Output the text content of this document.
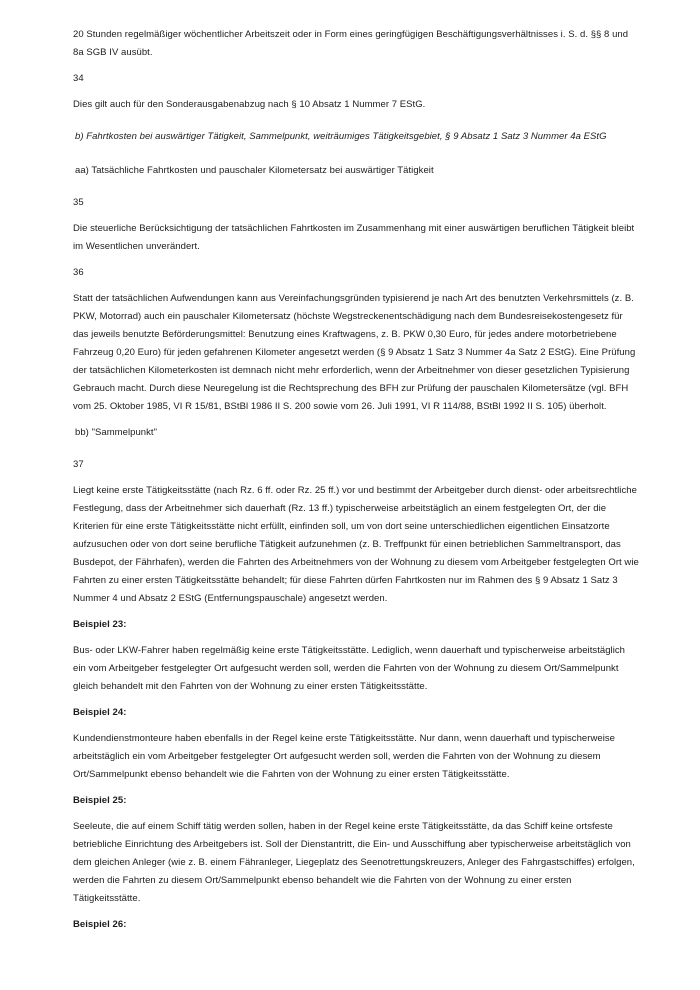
20 Stunden regelmäßiger wöchentlicher Arbeitszeit oder in Form eines geringfügigen Beschäftigungsverhältnisses i. S. d. §§ 8 und 8a SGB IV ausübt.

34

Dies gilt auch für den Sonderausgabenabzug nach § 10 Absatz 1 Nummer 7 EStG.

b) Fahrtkosten bei auswärtiger Tätigkeit, Sammelpunkt, weiträumiges Tätigkeitsgebiet, § 9 Absatz 1 Satz 3 Nummer 4a EStG

aa) Tatsächliche Fahrtkosten und pauschaler Kilometersatz bei auswärtiger Tätigkeit

35

Die steuerliche Berücksichtigung der tatsächlichen Fahrtkosten im Zusammenhang mit einer auswärtigen beruflichen Tätigkeit bleibt im Wesentlichen unverändert.

36

Statt der tatsächlichen Aufwendungen kann aus Vereinfachungsgründen typisierend je nach Art des benutzten Verkehrsmittels (z. B. PKW, Motorrad) auch ein pauschaler Kilometersatz (höchste Wegstreckenentschädigung nach dem Bundesreisekostengesetz für das jeweils benutzte Beförderungsmittel: Benutzung eines Kraftwagens, z. B. PKW 0,30 Euro, für jedes andere motorbetriebene Fahrzeug 0,20 Euro) für jeden gefahrenen Kilometer angesetzt werden (§ 9 Absatz 1 Satz 3 Nummer 4a Satz 2 EStG). Eine Prüfung der tatsächlichen Kilometerkosten ist demnach nicht mehr erforderlich, wenn der Arbeitnehmer von dieser gesetzlichen Typisierung Gebrauch macht. Durch diese Neuregelung ist die Rechtsprechung des BFH zur Prüfung der pauschalen Kilometersätze (vgl. BFH vom 25. Oktober 1985, VI R 15/81, BStBl 1986 II S. 200 sowie vom 26. Juli 1991, VI R 114/88, BStBl 1992 II S. 105) überholt.

bb) "Sammelpunkt"

37

Liegt keine erste Tätigkeitsstätte (nach Rz. 6 ff. oder Rz. 25 ff.) vor und bestimmt der Arbeitgeber durch dienst- oder arbeitsrechtliche Festlegung, dass der Arbeitnehmer sich dauerhaft (Rz. 13 ff.) typischerweise arbeitstäglich an einem festgelegten Ort, der die Kriterien für eine erste Tätigkeitsstätte nicht erfüllt, einfinden soll, um von dort seine unterschiedlichen eigentlichen Einsatzorte aufzusuchen oder von dort seine berufliche Tätigkeit aufzunehmen (z. B. Treffpunkt für einen betrieblichen Sammeltransport, das Busdepot, der Fährhafen), werden die Fahrten des Arbeitnehmers von der Wohnung zu diesem vom Arbeitgeber festgelegten Ort wie Fahrten zu einer ersten Tätigkeitsstätte behandelt; für diese Fahrten dürfen Fahrtkosten nur im Rahmen des § 9 Absatz 1 Satz 3 Nummer 4 und Absatz 2 EStG (Entfernungspauschale) angesetzt werden.

Beispiel 23:

Bus- oder LKW-Fahrer haben regelmäßig keine erste Tätigkeitsstätte. Lediglich, wenn dauerhaft und typischerweise arbeitstäglich ein vom Arbeitgeber festgelegter Ort aufgesucht werden soll, werden die Fahrten von der Wohnung zu diesem Ort/Sammelpunkt gleich behandelt mit den Fahrten von der Wohnung zu einer ersten Tätigkeitsstätte.

Beispiel 24:

Kundendienstmonteure haben ebenfalls in der Regel keine erste Tätigkeitsstätte. Nur dann, wenn dauerhaft und typischerweise arbeitstäglich ein vom Arbeitgeber festgelegter Ort aufgesucht werden soll, werden die Fahrten von der Wohnung zu diesem Ort/Sammelpunkt ebenso behandelt wie die Fahrten von der Wohnung zu einer ersten Tätigkeitsstätte.

Beispiel 25:

Seeleute, die auf einem Schiff tätig werden sollen, haben in der Regel keine erste Tätigkeitsstätte, da das Schiff keine ortsfeste betriebliche Einrichtung des Arbeitgebers ist. Soll der Dienstantritt, die Ein- und Ausschiffung aber typischerweise arbeitstäglich von dem gleichen Anleger (wie z. B. einem Fähranleger, Liegeplatz des Seenotrettungskreuzers, Anleger des Fahrgastschiffes) erfolgen, werden die Fahrten zu diesem Ort/Sammelpunkt ebenso behandelt wie die Fahrten von der Wohnung zu einer ersten Tätigkeitsstätte.

Beispiel 26:
